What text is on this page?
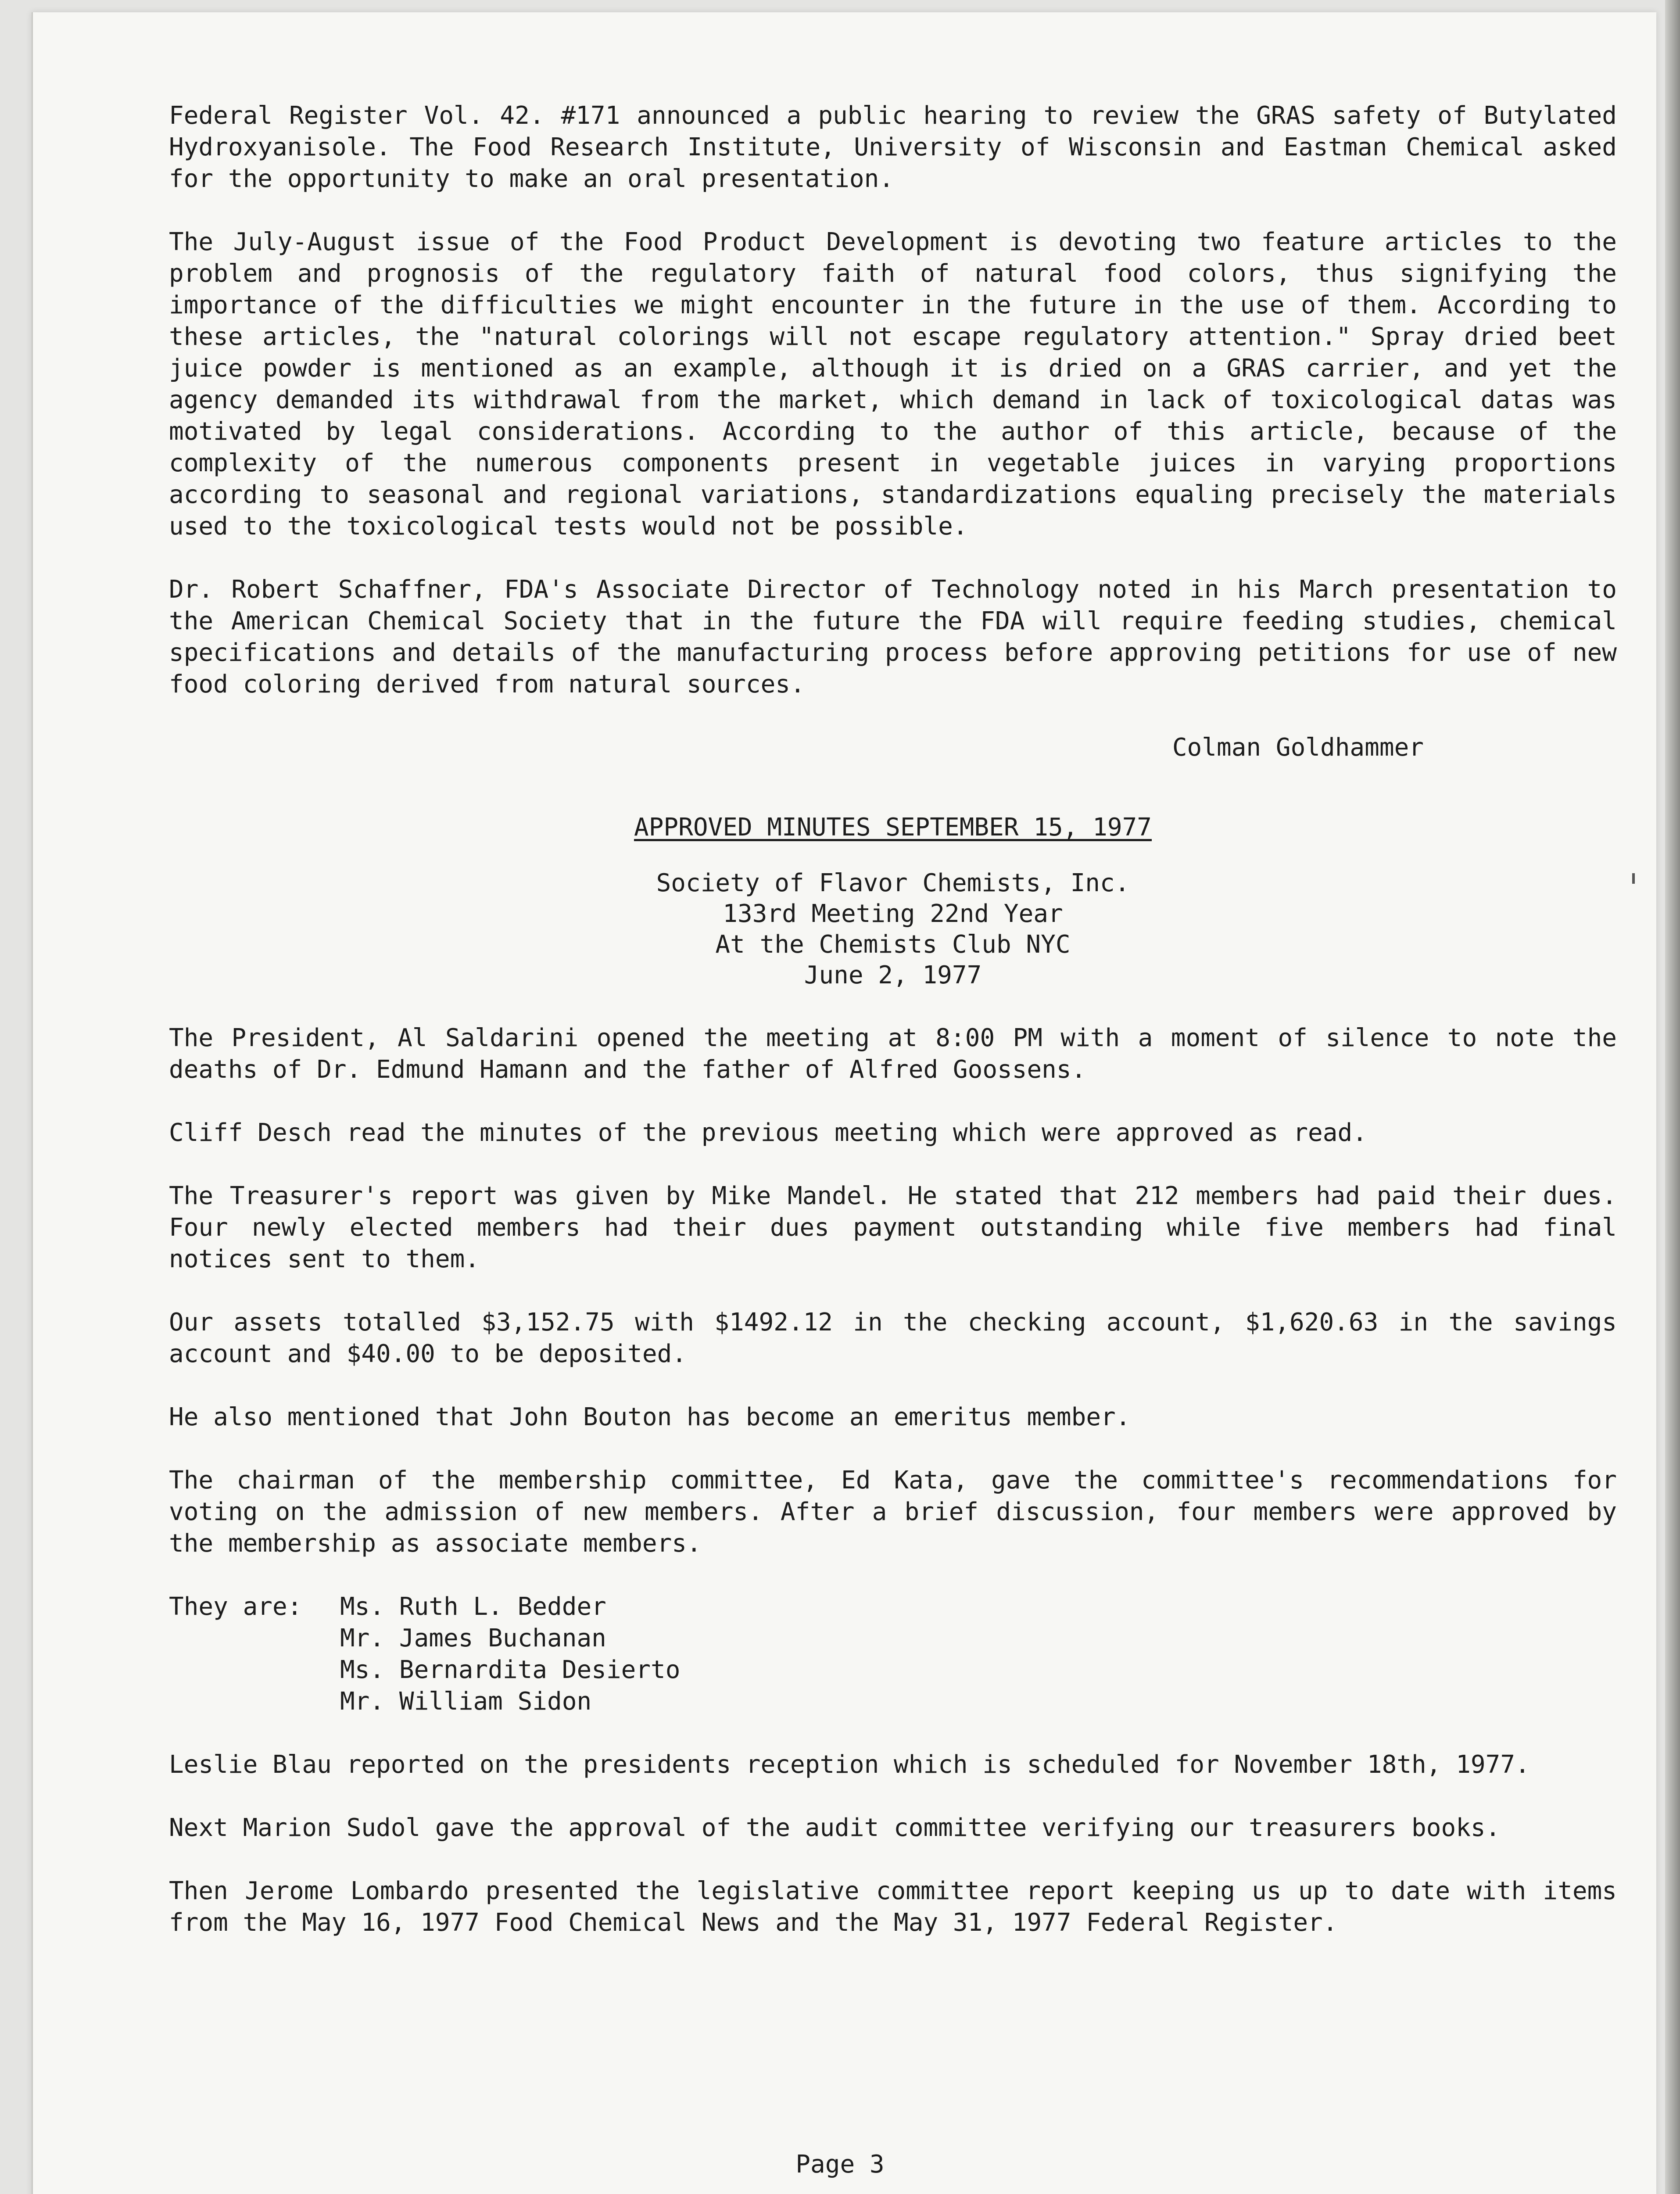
Federal Register Vol. 42. #171 announced a public hearing to review the GRAS safety of Butylated Hydroxyanisole. The Food Research Institute, University of Wisconsin and Eastman Chemical asked for the opportunity to make an oral presentation.

The July-August issue of the Food Product Development is devoting two feature articles to the problem and prognosis of the regulatory faith of natural food colors, thus signifying the importance of the difficulties we might encounter in the future in the use of them. According to these articles, the "natural colorings will not escape regulatory attention." Spray dried beet juice powder is mentioned as an example, although it is dried on a GRAS carrier, and yet the agency demanded its withdrawal from the market, which demand in lack of toxicological datas was motivated by legal considerations. According to the author of this article, because of the complexity of the numerous components present in vegetable juices in varying proportions according to seasonal and regional variations, standardizations equaling precisely the materials used to the toxicological tests would not be possible.

Dr. Robert Schaffner, FDA's Associate Director of Technology noted in his March presentation to the American Chemical Society that in the future the FDA will require feeding studies, chemical specifications and details of the manufacturing process before approving petitions for use of new food coloring derived from natural sources.

Colman Goldhammer
APPROVED MINUTES SEPTEMBER 15, 1977
Society of Flavor Chemists, Inc.
133rd Meeting 22nd Year
At the Chemists Club NYC
June 2, 1977

The President, Al Saldarini opened the meeting at 8:00 PM with a moment of silence to note the deaths of Dr. Edmund Hamann and the father of Alfred Goossens.

Cliff Desch read the minutes of the previous meeting which were approved as read.

The Treasurer's report was given by Mike Mandel. He stated that 212 members had paid their dues. Four newly elected members had their dues payment outstanding while five members had final notices sent to them.

Our assets totalled $3,152.75 with $1492.12 in the checking account, $1,620.63 in the savings account and $40.00 to be deposited.

He also mentioned that John Bouton has become an emeritus member.

The chairman of the membership committee, Ed Kata, gave the committee's recommendations for voting on the admission of new members. After a brief discussion, four members were approved by the membership as associate members.

They are:	Ms. Ruth L. Bedder
Mr. James Buchanan
Ms. Bernardita Desierto
Mr. William Sidon

Leslie Blau reported on the presidents reception which is scheduled for November 18th, 1977.

Next Marion Sudol gave the approval of the audit committee verifying our treasurers books.

Then Jerome Lombardo presented the legislative committee report keeping us up to date with items from the May 16, 1977 Food Chemical News and the May 31, 1977 Federal Register.

Page 3
